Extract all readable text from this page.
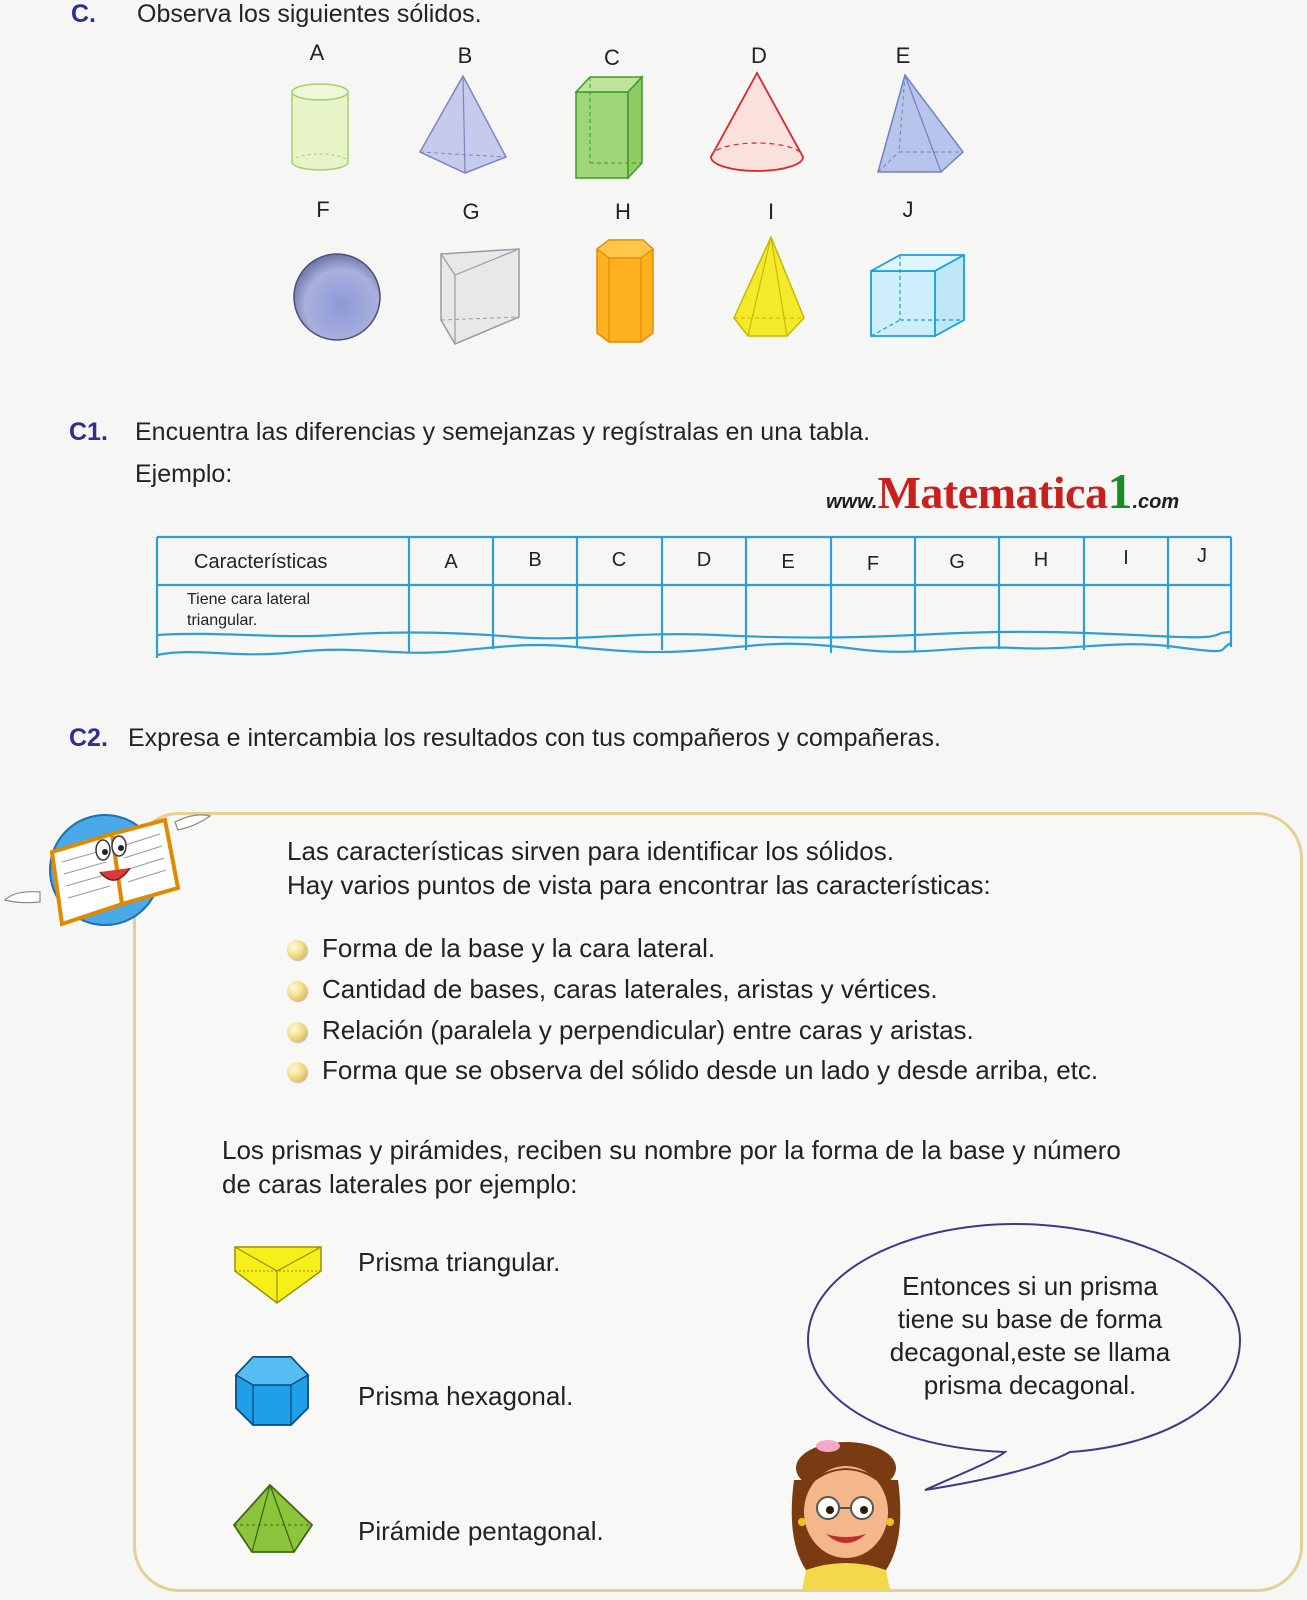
C. Observa los siguientes sólidos.
A	B	C	D	E
F	G	H	I	J
C1. Encuentra las diferencias y semejanzas y regístralas en una tabla.
Ejemplo:
www.Matematica1.com
Características	A	B	C	D	E	F	G	H	I	J
Tiene cara lateral
triangular.
C2. Expresa e intercambia los resultados con tus compañeros y compañeras.
Las características sirven para identificar los sólidos.
Hay varios puntos de vista para encontrar las características:
Forma de la base y la cara lateral.
Cantidad de bases, caras laterales, aristas y vértices.
Relación (paralela y perpendicular) entre caras y aristas.
Forma que se observa del sólido desde un lado y desde arriba, etc.
Los prismas y pirámides, reciben su nombre por la forma de la base y número
de caras laterales por ejemplo:
Prisma triangular.
Prisma hexagonal.
Pirámide pentagonal.
Entonces si un prisma
tiene su base de forma
decagonal,este se llama
prisma decagonal.
